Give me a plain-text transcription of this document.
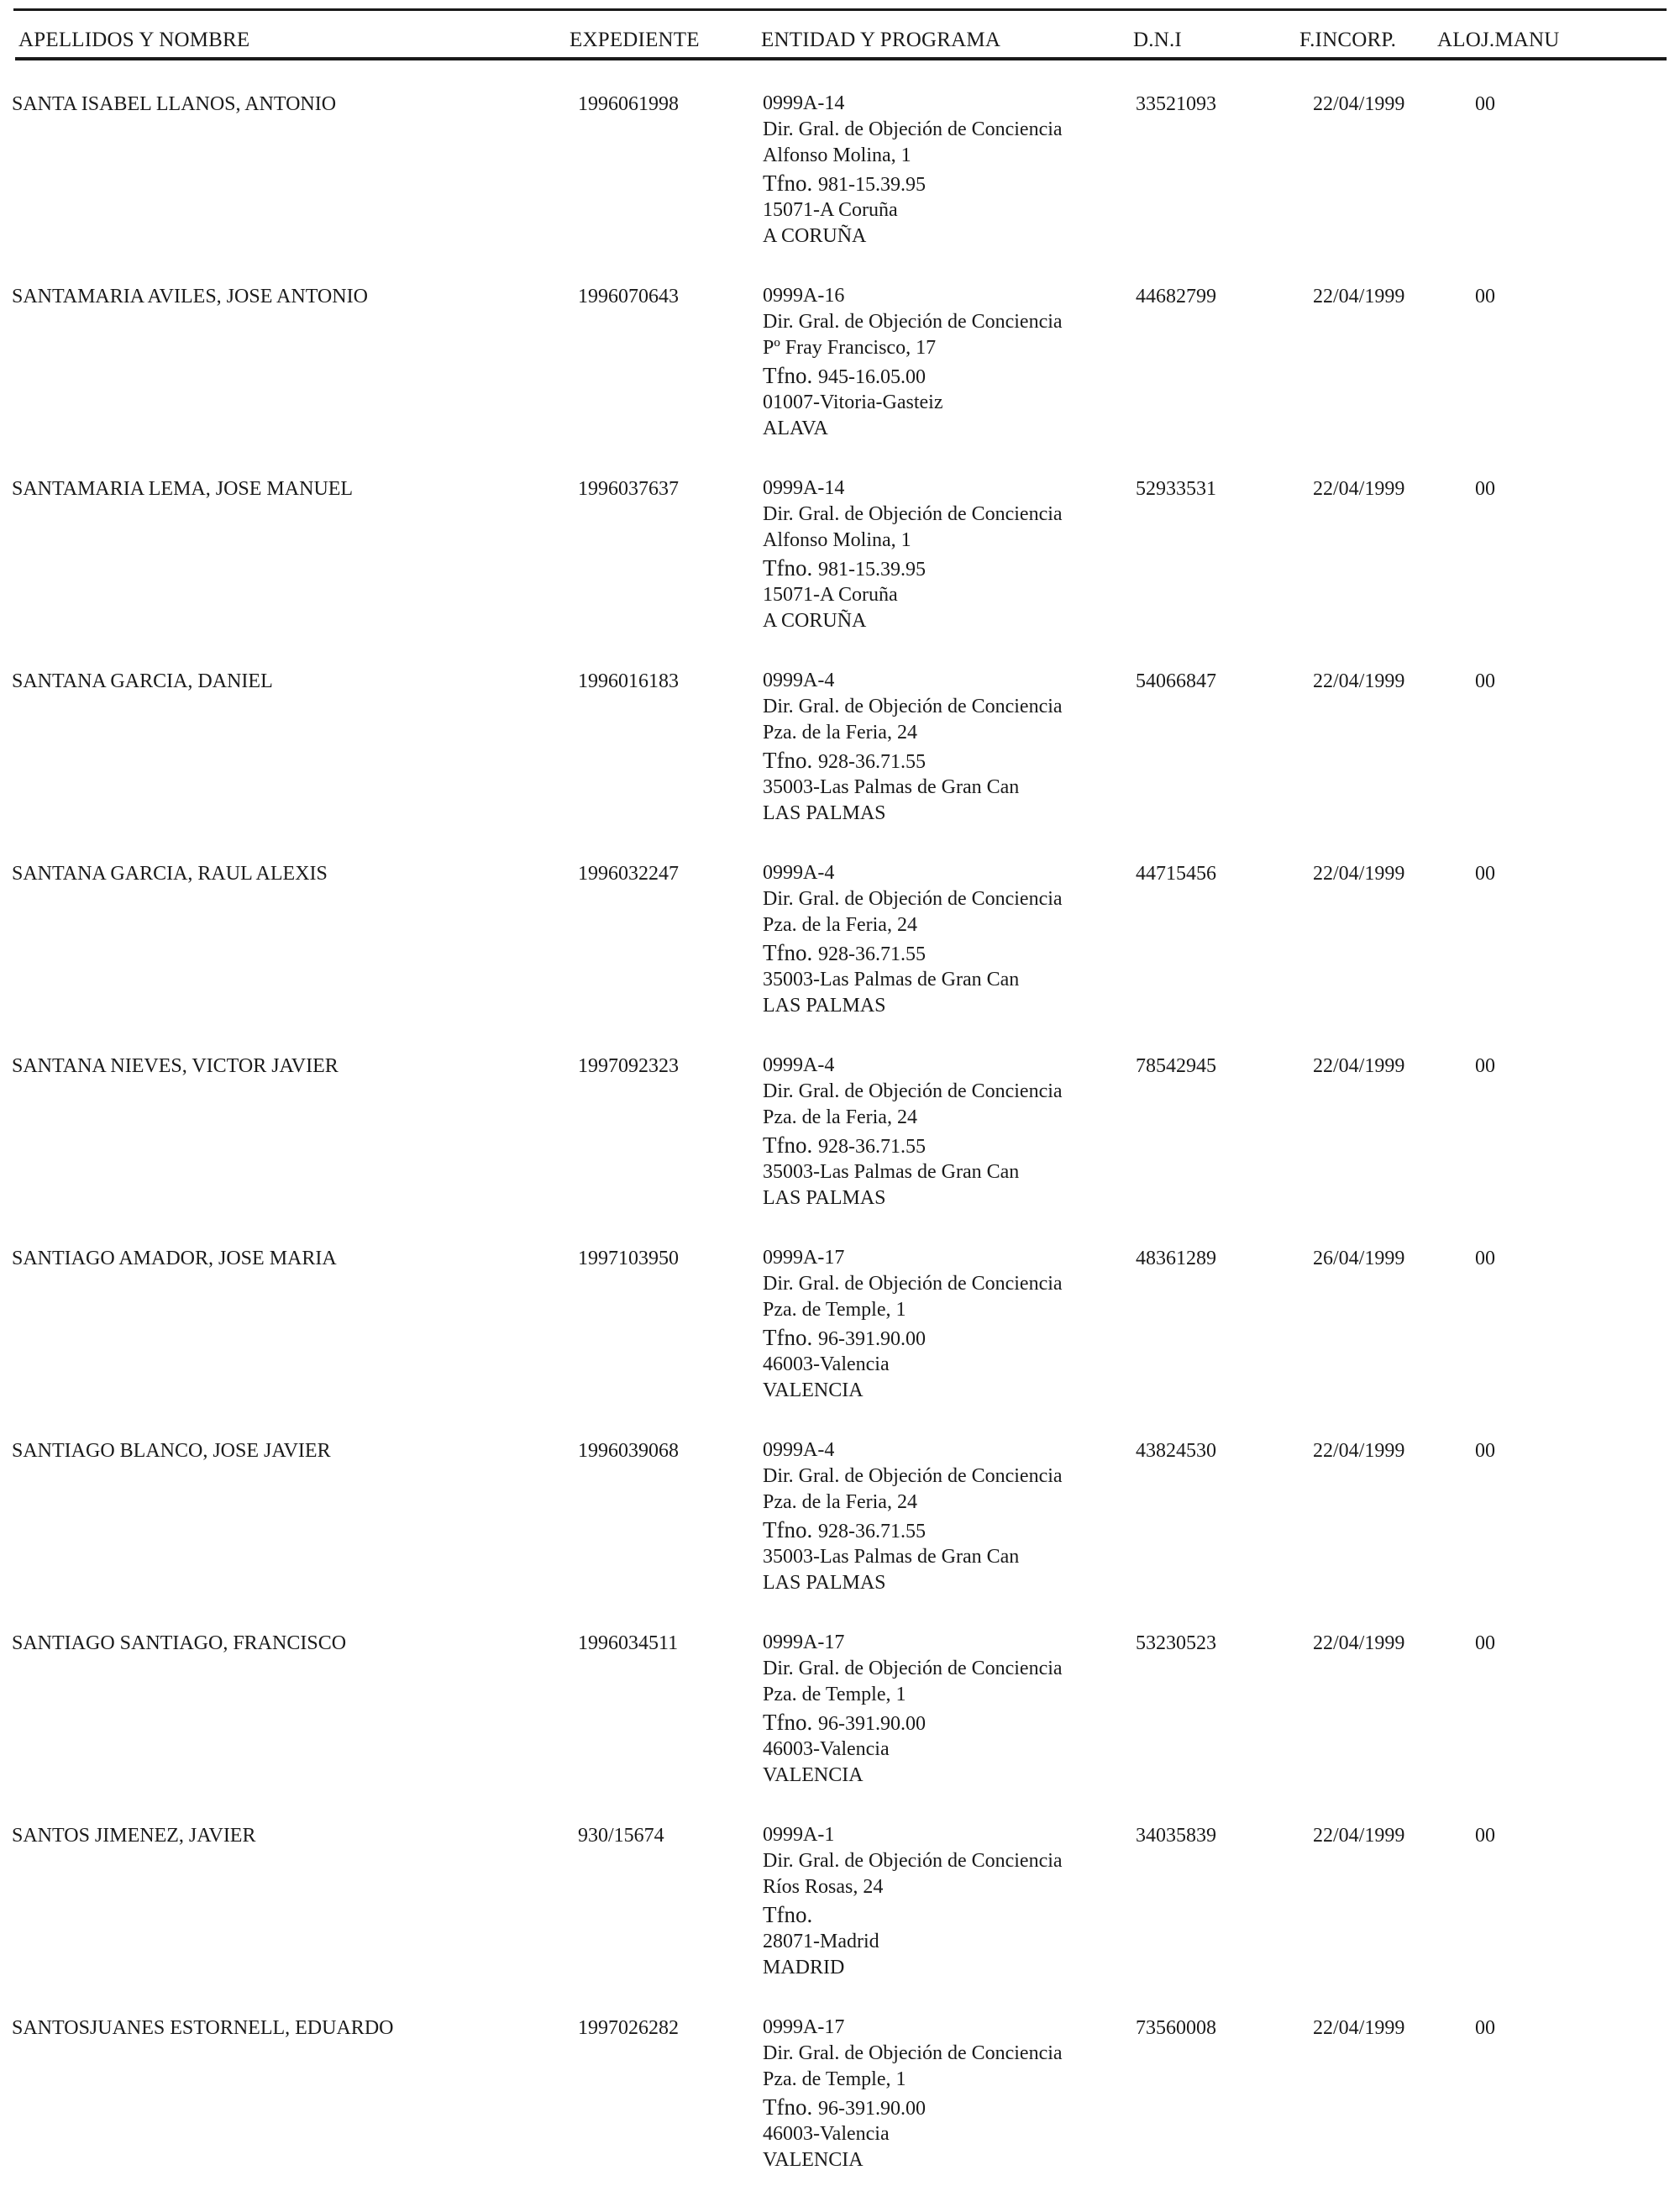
APELLIDOS Y NOMBRE	EXPEDIENTE	ENTIDAD Y PROGRAMA	D.N.I	F.INCORP. ALOJ.MANU
SANTA ISABEL LLANOS, ANTONIO	1996061998	0999A-14
Dir. Gral. de Objeción de Conciencia
Alfonso Molina, 1
Tfno. 981-15.39.95
15071-A Coruña
A CORUÑA
33521093	22/04/1999	00
SANTAMARIA AVILES, JOSE ANTONIO	1996070643	0999A-16
Dir. Gral. de Objeción de Conciencia
Pº Fray Francisco, 17
Tfno. 945-16.05.00
01007-Vitoria-Gasteiz
ALAVA
44682799	22/04/1999	00
SANTAMARIA LEMA, JOSE MANUEL	1996037637	0999A-14
Dir. Gral. de Objeción de Conciencia
Alfonso Molina, 1
Tfno. 981-15.39.95
15071-A Coruña
A CORUÑA
52933531	22/04/1999	00
SANTANA GARCIA, DANIEL	1996016183	0999A-4
Dir. Gral. de Objeción de Conciencia
Pza. de la Feria, 24
Tfno. 928-36.71.55
35003-Las Palmas de Gran Can
LAS PALMAS
54066847	22/04/1999	00
SANTANA GARCIA, RAUL ALEXIS	1996032247	0999A-4
Dir. Gral. de Objeción de Conciencia
Pza. de la Feria, 24
Tfno. 928-36.71.55
35003-Las Palmas de Gran Can
LAS PALMAS
44715456	22/04/1999	00
SANTANA NIEVES, VICTOR JAVIER	1997092323	0999A-4
Dir. Gral. de Objeción de Conciencia
Pza. de la Feria, 24
Tfno. 928-36.71.55
35003-Las Palmas de Gran Can
LAS PALMAS
78542945	22/04/1999	00
SANTIAGO AMADOR, JOSE MARIA	1997103950	0999A-17
Dir. Gral. de Objeción de Conciencia
Pza. de Temple, 1
Tfno. 96-391.90.00
46003-Valencia
VALENCIA
48361289	26/04/1999	00
SANTIAGO BLANCO, JOSE JAVIER	1996039068	0999A-4
Dir. Gral. de Objeción de Conciencia
Pza. de la Feria, 24
Tfno. 928-36.71.55
35003-Las Palmas de Gran Can
LAS PALMAS
43824530	22/04/1999	00
SANTIAGO SANTIAGO, FRANCISCO	1996034511	0999A-17
Dir. Gral. de Objeción de Conciencia
Pza. de Temple, 1
Tfno. 96-391.90.00
46003-Valencia
VALENCIA
53230523	22/04/1999	00
SANTOS JIMENEZ, JAVIER	930/15674	0999A-1
Dir. Gral. de Objeción de Conciencia
Ríos Rosas, 24
Tfno.
28071-Madrid
MADRID
34035839	22/04/1999	00
SANTOSJUANES ESTORNELL, EDUARDO	1997026282	0999A-17
Dir. Gral. de Objeción de Conciencia
Pza. de Temple, 1
Tfno. 96-391.90.00
46003-Valencia
VALENCIA
73560008	22/04/1999	00
